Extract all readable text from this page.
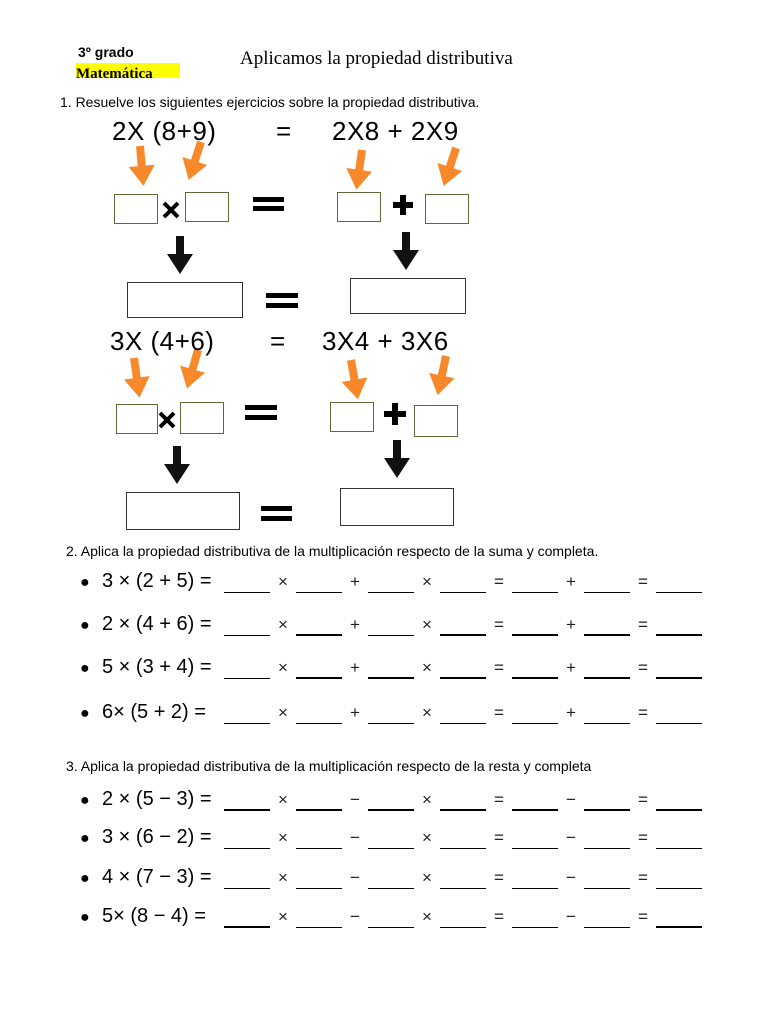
3º grado
Matemática
Aplicamos la propiedad distributiva
1. Resuelve los siguientes ejercicios sobre la propiedad distributiva.
2X (8+9) = 2X8 + 2X9
3X (4+6) = 3X4 + 3X6
2. Aplica la propiedad distributiva de la multiplicación respecto de la suma y completa.
● 3 × (2 + 5) =	×	+	×	=	+	=
● 2 × (4 + 6) =	×	+	×	=	+	=
● 5 × (3 + 4) =	×	+	×	=	+	=
● 6× (5 + 2) =	×	+	×	=	+	=
3. Aplica la propiedad distributiva de la multiplicación respecto de la resta y completa
● 2 × (5 − 3) =	×	−	×	=	−	=
● 3 × (6 − 2) =	×	−	×	=	−	=
● 4 × (7 − 3) =	×	−	×	=	−	=
● 5× (8 − 4) =	×	−	×	=	−	=
